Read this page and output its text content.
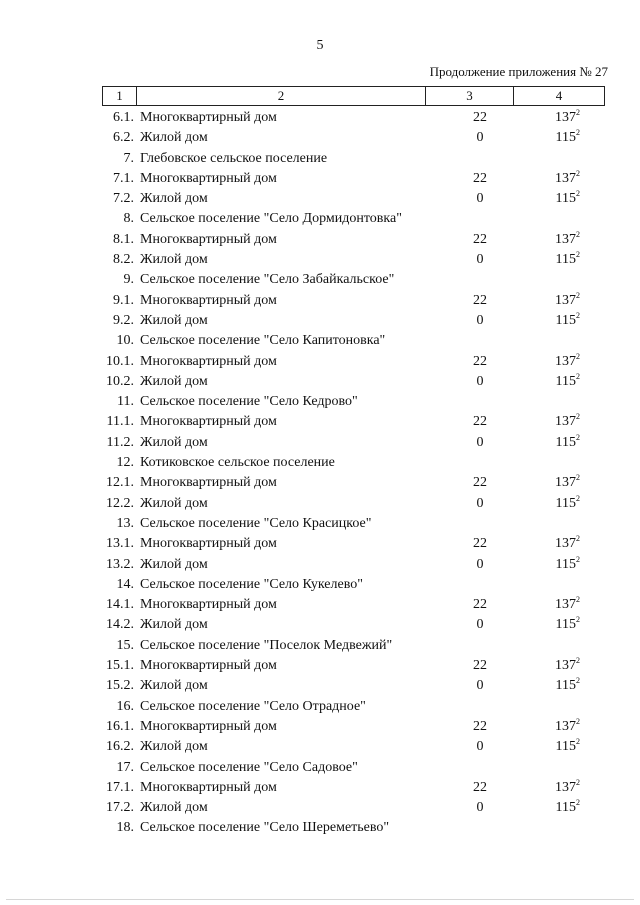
5
Продолжение приложения № 27
1	2	3	4
6.1. Многоквартирный дом	22	$137^2$
6.2. Жилой дом	0	$115^2$
7. Глебовское сельское поселение
7.1. Многоквартирный дом	22	$137^2$
7.2. Жилой дом	0	$115^2$
8. Сельское поселение "Село Дормидонтовка"
8.1. Многоквартирный дом	22	$137^2$
8.2. Жилой дом	0	$115^2$
9. Сельское поселение "Село Забайкальское"
9.1. Многоквартирный дом	22	$137^2$
9.2. Жилой дом	0	$115^2$
10. Сельское поселение "Село Капитоновка"
10.1. Многоквартирный дом	22	$137^2$
10.2. Жилой дом	0	$115^2$
11. Сельское поселение "Село Кедрово"
11.1. Многоквартирный дом	22	$137^2$
11.2. Жилой дом	0	$115^2$
12. Котиковское сельское поселение
12.1. Многоквартирный дом	22	$137^2$
12.2. Жилой дом	0	$115^2$
13. Сельское поселение "Село Красицкое"
13.1. Многоквартирный дом	22	$137^2$
13.2. Жилой дом	0	$115^2$
14. Сельское поселение "Село Кукелево"
14.1. Многоквартирный дом	22	$137^2$
14.2. Жилой дом	0	$115^2$
15. Сельское поселение "Поселок Медвежий"
15.1. Многоквартирный дом	22	$137^2$
15.2. Жилой дом	0	$115^2$
16. Сельское поселение "Село Отрадное"
16.1. Многоквартирный дом	22	$137^2$
16.2. Жилой дом	0	$115^2$
17. Сельское поселение "Село Садовое"
17.1. Многоквартирный дом	22	$137^2$
17.2. Жилой дом	0	$115^2$
18. Сельское поселение "Село Шереметьево"
